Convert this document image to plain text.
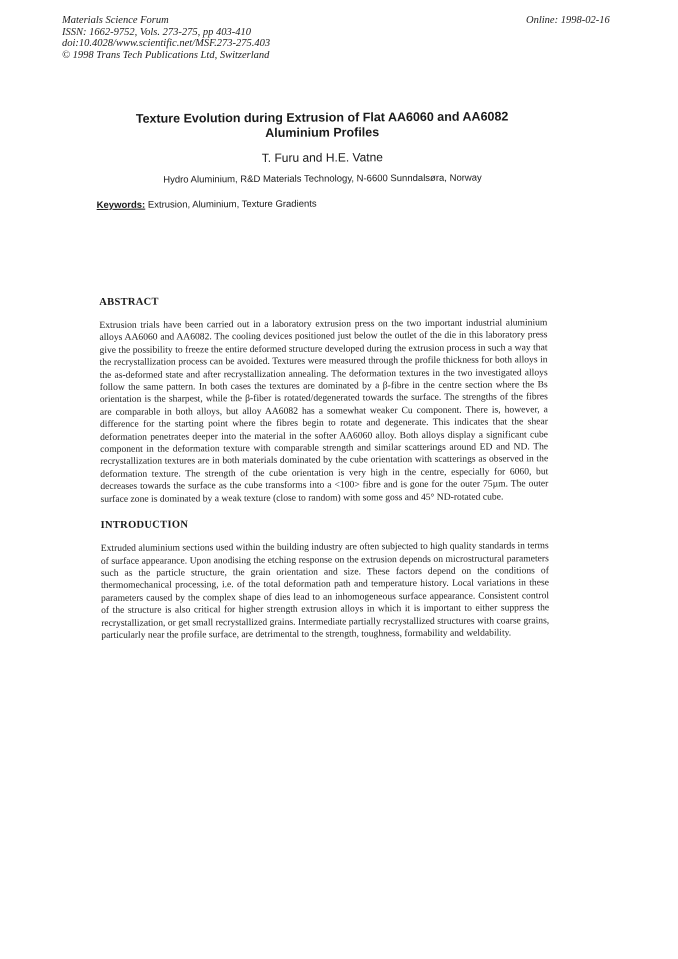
Materials Science Forum
ISSN: 1662-9752, Vols. 273-275, pp 403-410
doi:10.4028/www.scientific.net/MSF.273-275.403
© 1998 Trans Tech Publications Ltd, Switzerland
Online: 1998-02-16
Texture Evolution during Extrusion of Flat AA6060 and AA6082 Aluminium Profiles
T. Furu and H.E. Vatne
Hydro Aluminium, R&D Materials Technology, N-6600 Sunndalsøra, Norway
Keywords: Extrusion, Aluminium, Texture Gradients
ABSTRACT

Extrusion trials have been carried out in a laboratory extrusion press on the two important industrial aluminium alloys AA6060 and AA6082. The cooling devices positioned just below the outlet of the die in this laboratory press give the possibility to freeze the entire deformed structure developed during the extrusion process in such a way that the recrystallization process can be avoided. Textures were measured through the profile thickness for both alloys in the as-deformed state and after recrystallization annealing. The deformation textures in the two investigated alloys follow the same pattern. In both cases the textures are dominated by a β-fibre in the centre section where the Bs orientation is the sharpest, while the β-fiber is rotated/degenerated towards the surface. The strengths of the fibres are comparable in both alloys, but alloy AA6082 has a somewhat weaker Cu component. There is, however, a difference for the starting point where the fibres begin to rotate and degenerate. This indicates that the shear deformation penetrates deeper into the material in the softer AA6060 alloy. Both alloys display a significant cube component in the deformation texture with comparable strength and similar scatterings around ED and ND. The recrystallization textures are in both materials dominated by the cube orientation with scatterings as observed in the deformation texture. The strength of the cube orientation is very high in the centre, especially for 6060, but decreases towards the surface as the cube transforms into a <100> fibre and is gone for the outer 75µm. The outer surface zone is dominated by a weak texture (close to random) with some goss and 45° ND-rotated cube.

INTRODUCTION

Extruded aluminium sections used within the building industry are often subjected to high quality standards in terms of surface appearance. Upon anodising the etching response on the extrusion depends on microstructural parameters such as the particle structure, the grain orientation and size. These factors depend on the conditions of thermomechanical processing, i.e. of the total deformation path and temperature history. Local variations in these parameters caused by the complex shape of dies lead to an inhomogeneous surface appearance. Consistent control of the structure is also critical for higher strength extrusion alloys in which it is important to either suppress the recrystallization, or get small recrystallized grains. Intermediate partially recrystallized structures with coarse grains, particularly near the profile surface, are detrimental to the strength, toughness, formability and weldability.
